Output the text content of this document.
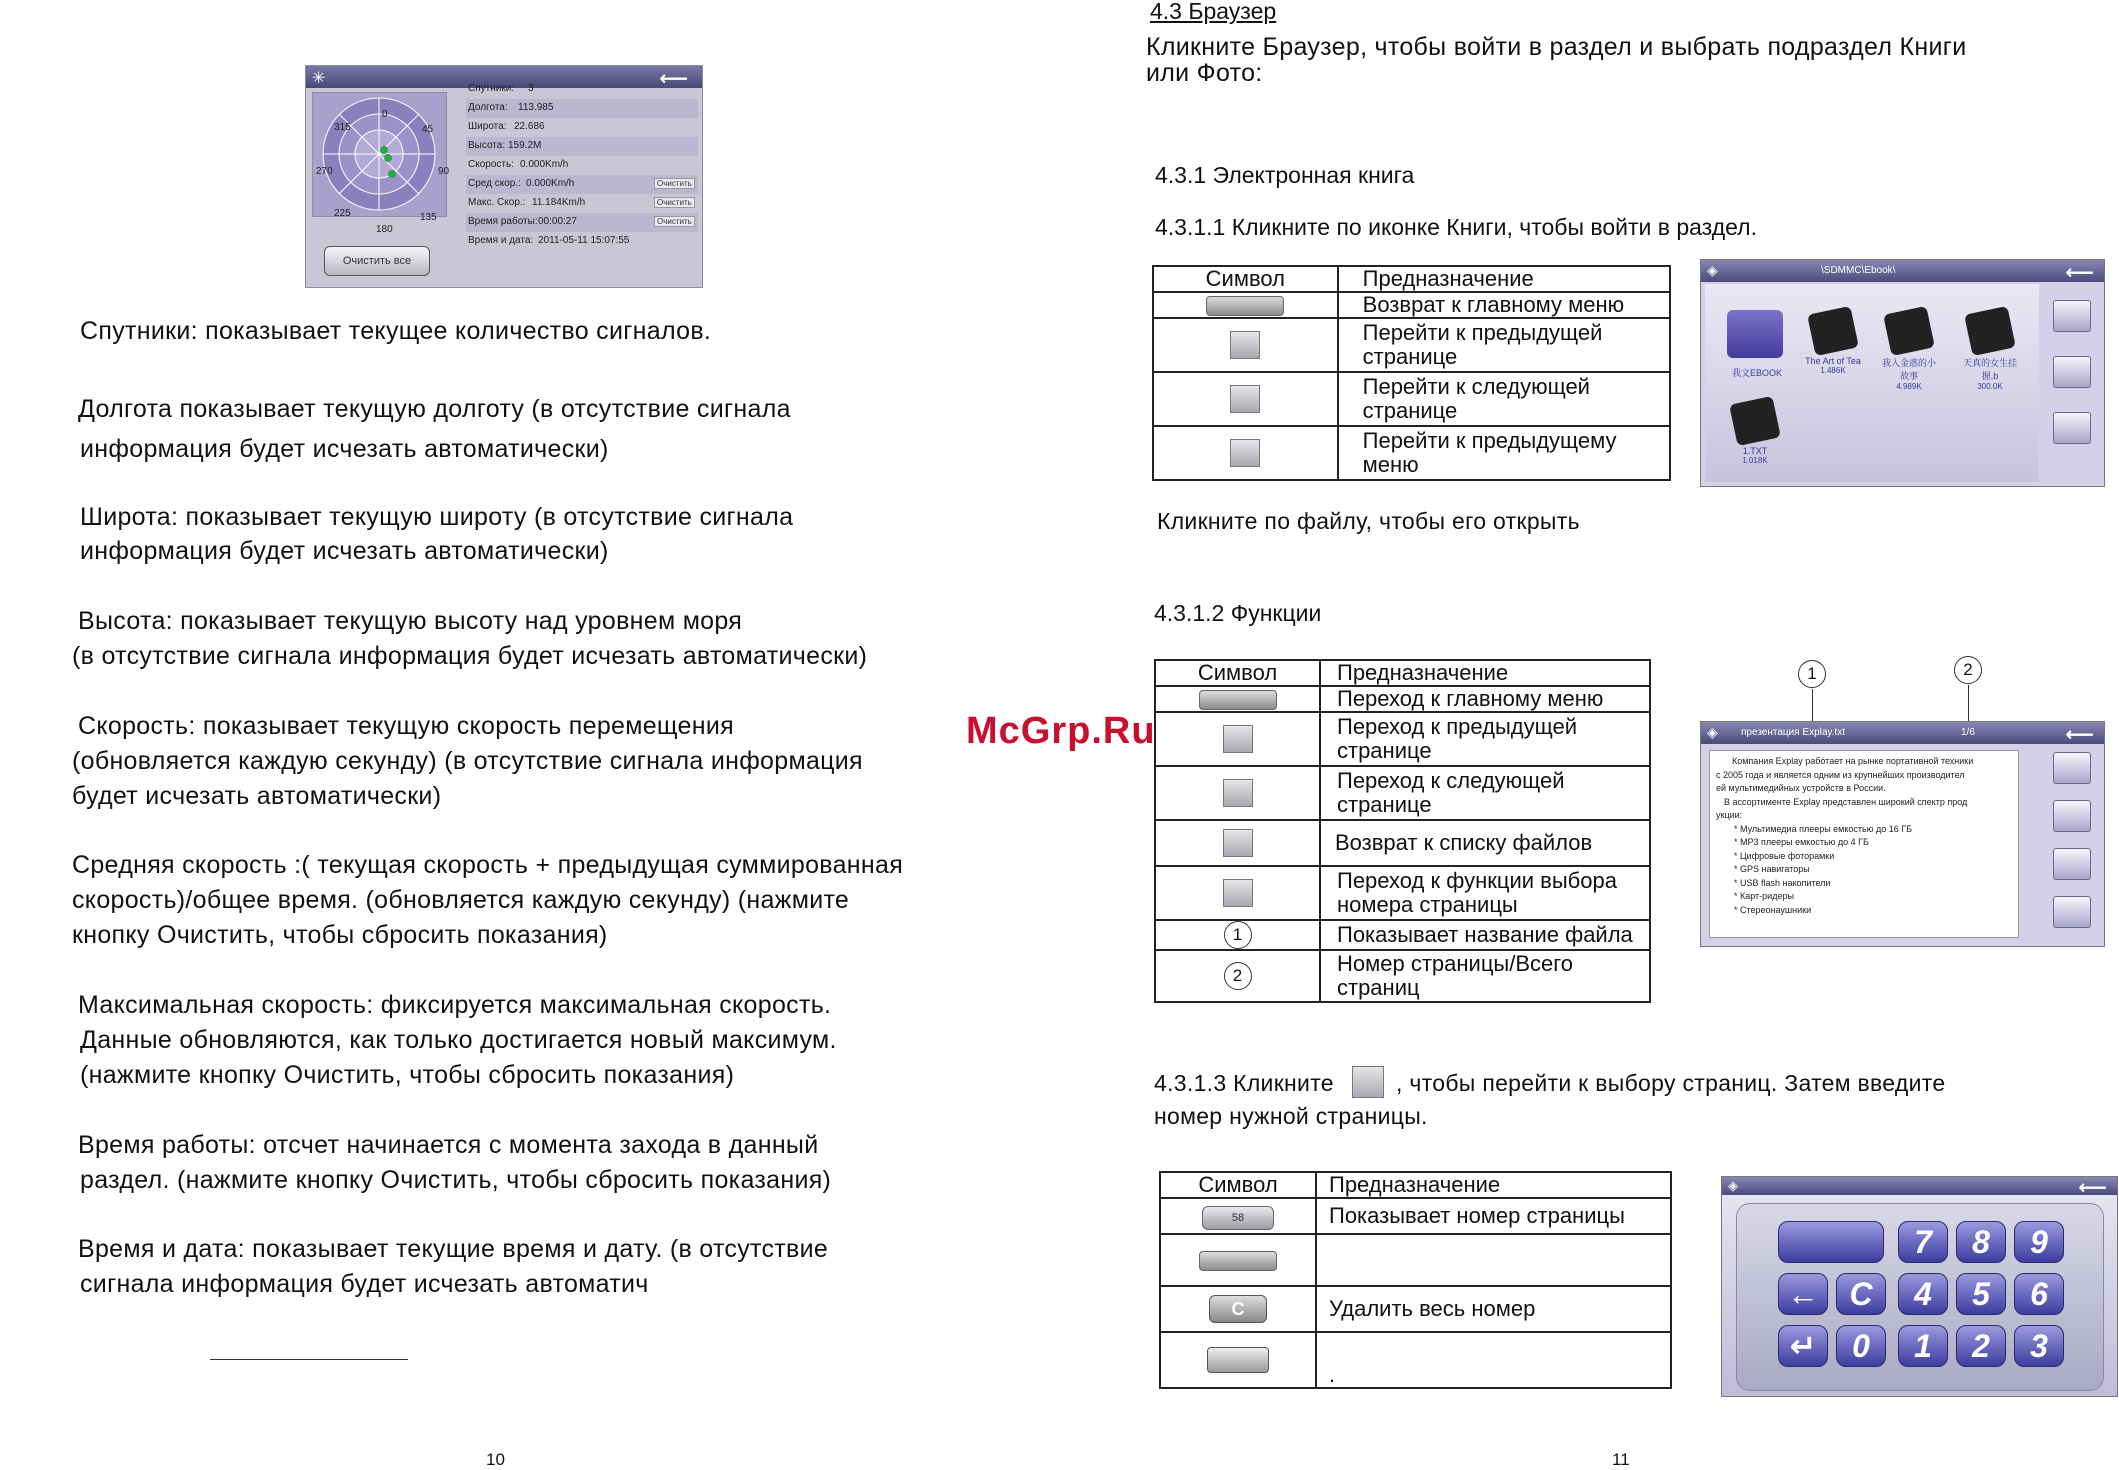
✳	⟵
0
45
90
135
180
225
270
315
Спутники: 3
Долгота: 113.985
Широта: 22.686
Высота: 159.2M
Скорость: 0.000Km/h
Сред скор.: 0.000Km/h	Очистить
Макс. Скор.: 11.184Km/h	Очистить
Время работы: 00:00:27	Очистить
Время и дата: 2011-05-11 15:07:55
Очистить все
Спутники: показывает текущее количество сигналов.
Долгота показывает текущую долготу (в отсутствие сигнала
информация будет исчезать автоматически)
Широта: показывает текущую широту (в отсутствие сигнала
информация будет исчезать автоматически)
Высота: показывает текущую высоту над уровнем моря
(в отсутствие сигнала информация будет исчезать автоматически)
Скорость: показывает текущую скорость перемещения
(обновляется каждую секунду) (в отсутствие сигнала информация
будет исчезать автоматически)
Средняя скорость :( текущая скорость + предыдущая суммированная
скорость)/общее время. (обновляется каждую секунду) (нажмите
кнопку Очистить, чтобы сбросить показания)
Максимальная скорость: фиксируется максимальная скорость.
Данные обновляются, как только достигается новый максимум.
(нажмите кнопку Очистить, чтобы сбросить показания)
Время работы: отсчет начинается с момента захода в данный
раздел. (нажмите кнопку Очистить, чтобы сбросить показания)
Время и дата: показывает текущие время и дату. (в отсутствие
сигнала информация будет исчезать автоматич
10
4.3 Браузер
Кликните Браузер, чтобы войти в раздел и выбрать подраздел Книги
или Фото:
4.3.1 Электронная книга
4.3.1.1 Кликните по иконке Книги, чтобы войти в раздел.
Символ	Предназначение
	Возврат к главному меню
	Перейти к предыдущей странице
	Перейти к следующей странице
	Перейти к предыдущему меню
◈	\SDMMC\Ebook\	⟵
我文EBOOK
The Art of Tea
1.486K
我入金惑的小故事
4.989K
天真的女生挂握.b
300.0K
1.TXT
1.018K
Кликните по файлу, чтобы его открыть
4.3.1.2 Функции
Символ	Предназначение
	Переход к главному меню
	Переход к предыдущей странице
	Переход к следующей странице
	Возврат к списку файлов
	Переход к функции выбора номера страницы
1	Показывает название файла
2	Номер страницы/Всего страниц
1	2
◈ презентация Explay.txt	1/6	⟵
Компания Explay работает на рынке портативной техники
с 2005 года и является одним из крупнейших производител
ей мультимедийных устройств в России.
В ассортименте Explay представлен широкий спектр прод
укции:
* Мультимедиа плееры емкостью до 16 ГБ
* MP3 плееры емкостью до 4 ГБ
* Цифровые фоторамки
* GPS навигаторы
* USB flash накопители
* Карт-ридеры
* Стереонаушники
McGrp.Ru
4.3.1.3 Кликните	, чтобы перейти к выбору страниц. Затем введите
номер нужной страницы.
Символ	Предназначение
58	Показывает номер страницы

C	Удалить весь номер
	.
◈	⟵
7	8	9
← C	4	5	6
↵	0	1	2	3
11
